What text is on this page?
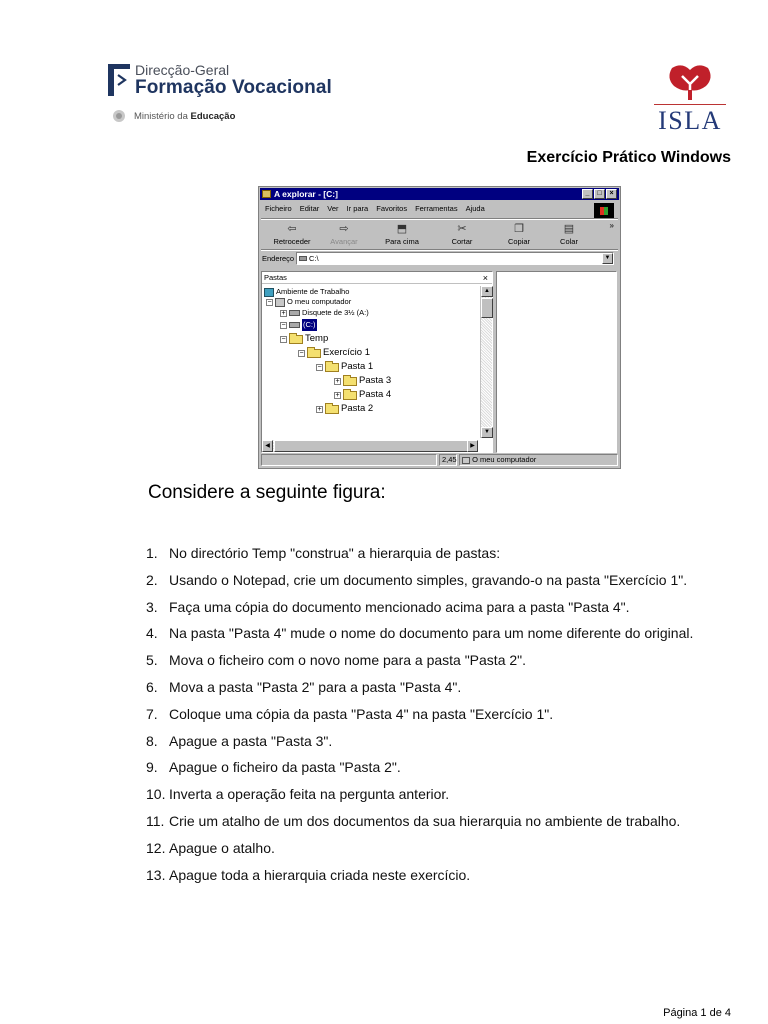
Direcção-Geral
Formação Vocacional
Ministério da Educação	ISLA
Exercício Prático Windows
A explorar - [C:]	_	□	×
Ficheiro Editar Ver Ir para Favoritos Ferramentas Ajuda
⇦
Retroceder
⇨
Avançar
⬒
Para cima
✂
Cortar
❐
Copiar
▤
Colar
»
Endereço	C:\	▼
Pastas	×
Ambiente de Trabalho
− O meu computador
+ Disquete de 3½ (A:)
− (C:)
− Temp
− Exercício 1
− Pasta 1
+ Pasta 3
+ Pasta 4
+ Pasta 2
▲
▼
◀	▶
2,45	O meu computador
Considere a seguinte figura:
1. No directório Temp "construa" a hierarquia de pastas:
2. Usando o Notepad, crie um documento simples, gravando-o na pasta "Exercício 1".
3. Faça uma cópia do documento mencionado acima para a pasta "Pasta 4".
4. Na pasta "Pasta 4" mude o nome do documento para um nome diferente do original.
5. Mova o ficheiro com o novo nome para a pasta "Pasta 2".
6. Mova a pasta "Pasta 2" para a pasta "Pasta 4".
7. Coloque uma cópia da pasta "Pasta 4" na pasta "Exercício 1".
8. Apague a pasta "Pasta 3".
9. Apague o ficheiro da pasta "Pasta 2".
10. Inverta a operação feita na pergunta anterior.
11. Crie um atalho de um dos documentos da sua hierarquia no ambiente de trabalho.
12. Apague o atalho.
13. Apague toda a hierarquia criada neste exercício.
Página 1 de 4
